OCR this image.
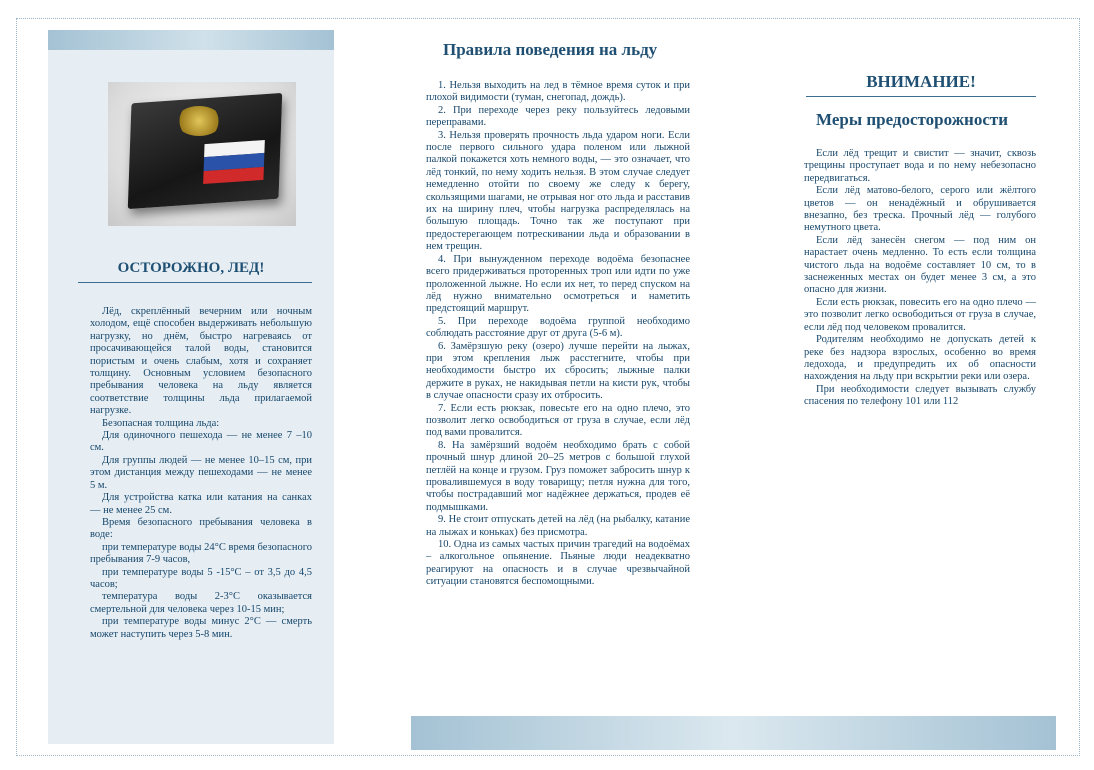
ОСТОРОЖНО, ЛЕД!

Лёд, скреплённый вечерним или ночным холодом, ещё способен выдерживать небольшую нагрузку, но днём, быстро нагреваясь от просачивающейся талой воды, становится пористым и очень слабым, хотя и сохраняет толщину. Основным условием безопасного пребывания человека на льду является соответствие толщины льда прилагаемой нагрузке.

Безопасная толщина льда:

Для одиночного пешехода — не менее 7 –10 см.

Для группы людей — не менее 10–15 см, при этом дистанция между пешеходами — не менее 5 м.

Для устройства катка или катания на санках — не менее 25 см.

Время безопасного пребывания человека в воде:

при температуре воды 24°С время безопасного пребывания 7-9 часов,

при температуре воды 5 -15°С – от 3,5 до 4,5 часов;

температура воды 2-3°С оказывается смертельной для человека через 10-15 мин;

при температуре воды минус 2°С — смерть может наступить через 5-8 мин.

Правила поведения на льду

1. Нельзя выходить на лед в тёмное время суток и при плохой видимости (туман, снегопад, дождь).

2. При переходе через реку пользуйтесь ледовыми переправами.

3. Нельзя проверять прочность льда ударом ноги. Если после первого сильного удара поленом или лыжной палкой покажется хоть немного воды, — это означает, что лёд тонкий, по нему ходить нельзя. В этом случае следует немедленно отойти по своему же следу к берегу, скользящими шагами, не отрывая ног ото льда и расставив их на ширину плеч, чтобы нагрузка распределялась на большую площадь. Точно так же поступают при предостерегающем потрескивании льда и образовании в нем трещин.

4. При вынужденном переходе водоёма безопаснее всего придерживаться проторенных троп или идти по уже проложенной лыжне. Но если их нет, то перед спуском на лёд нужно внимательно осмотреться и наметить предстоящий маршрут.

5. При переходе водоёма группой необходимо соблюдать расстояние друг от друга (5-6 м).

6. Замёрзшую реку (озеро) лучше перейти на лыжах, при этом крепления лыж расстегните, чтобы при необходимости быстро их сбросить; лыжные палки держите в руках, не накидывая петли на кисти рук, чтобы в случае опасности сразу их отбросить.

7. Если есть рюкзак, повесьте его на одно плечо, это позволит легко освободиться от груза в случае, если лёд под вами провалится.

8. На замёрзший водоём необходимо брать с собой прочный шнур длиной 20–25 метров с большой глухой петлёй на конце и грузом. Груз поможет забросить шнур к провалившемуся в воду товарищу; петля нужна для того, чтобы пострадавший мог надёжнее держаться, продев её подмышками.

9. Не стоит отпускать детей на лёд (на рыбалку, катание на лыжах и коньках) без присмотра.

10. Одна из самых частых причин трагедий на водоёмах – алкогольное опьянение. Пьяные люди неадекватно реагируют на опасность и в случае чрезвычайной ситуации становятся беспомощными.

ВНИМАНИЕ!
Меры предосторожности

Если лёд трещит и свистит — значит, сквозь трещины проступает вода и по нему небезопасно передвигаться.

Если лёд матово-белого, серого или жёлтого цветов — он ненадёжный и обрушивается внезапно, без треска. Прочный лёд — голубого немутного цвета.

Если лёд занесён снегом — под ним он нарастает очень медленно. То есть если толщина чистого льда на водоёме составляет 10 см, то в заснеженных местах он будет менее 3 см, а это опасно для жизни.

Если есть рюкзак, повесить его на одно плечо — это позволит легко освободиться от груза в случае, если лёд под человеком провалится.

Родителям необходимо не допускать детей к реке без надзора взрослых, особенно во время ледохода, и предупредить их об опасности нахождения на льду при вскрытии реки или озера.

При необходимости следует вызывать службу спасения по телефону 101 или 112
